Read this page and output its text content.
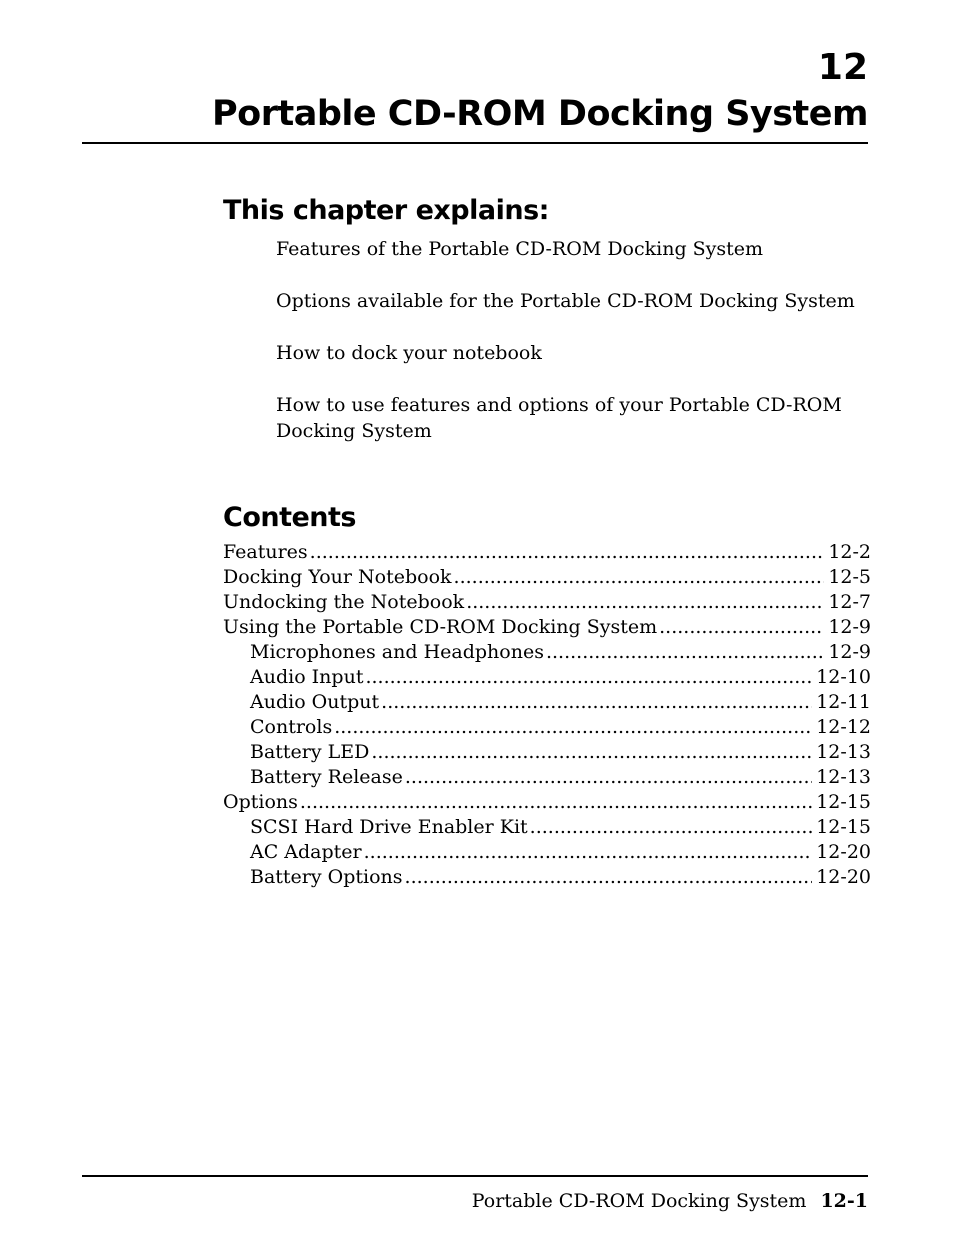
12
Portable CD-ROM Docking System
This chapter explains:
Features of the Portable CD-ROM Docking System
Options available for the Portable CD-ROM Docking System
How to dock your notebook
How to use features and options of your Portable CD-ROM Docking System
Contents
Features .....	12-2
Docking Your Notebook .....	12-5
Undocking the Notebook .....	12-7
Using the Portable CD-ROM Docking System .....	12-9
Microphones and Headphones .....	12-9
Audio Input .....	12-10
Audio Output .....	12-11
Controls .....	12-12
Battery LED .....	12-13
Battery Release .....	12-13
Options .....	12-15
SCSI Hard Drive Enabler Kit .....	12-15
AC Adapter .....	12-20
Battery Options .....	12-20
Portable CD-ROM Docking System 12-1
